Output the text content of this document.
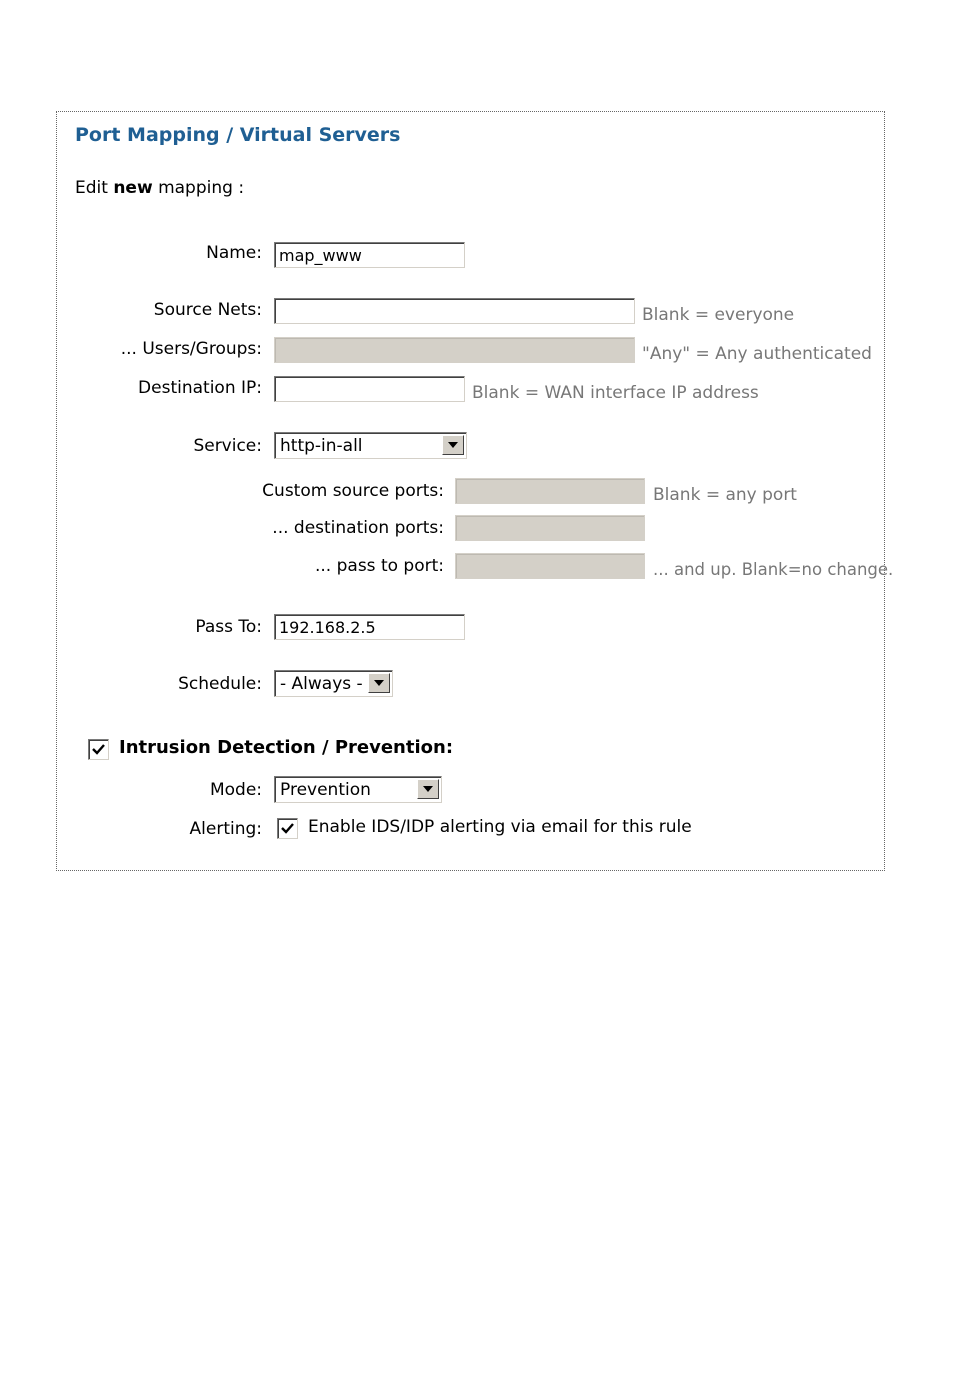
Port Mapping / Virtual Servers
Edit new mapping :
Name:
map_www
Source Nets:	Blank = everyone
... Users/Groups:	"Any" = Any authenticated
Destination IP:	Blank = WAN interface IP address
Service: http-in-all
Custom source ports:	Blank = any port
... destination ports:
... pass to port:	... and up. Blank=no change.
Pass To:
192.168.2.5
Schedule: - Always -
Intrusion Detection / Prevention:
Mode: Prevention
Alerting:	Enable IDS/IDP alerting via email for this rule
